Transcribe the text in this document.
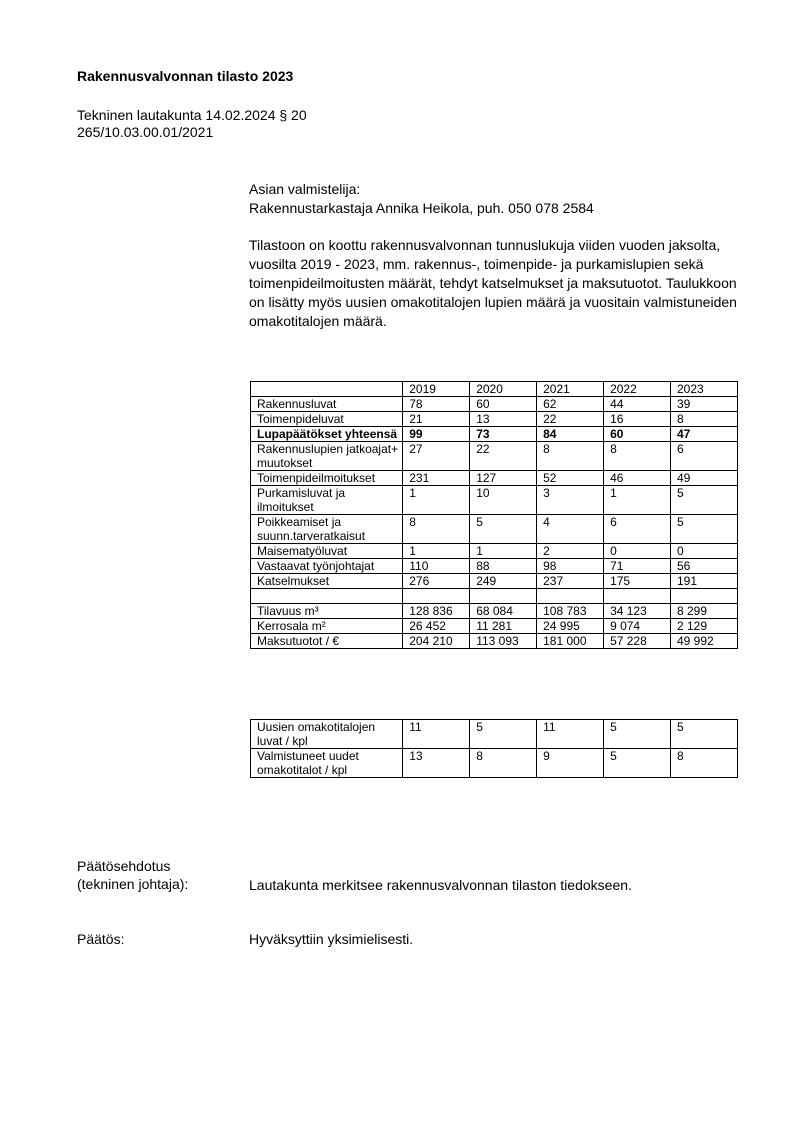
Rakennusvalvonnan tilasto 2023
Tekninen lautakunta 14.02.2024 § 20
265/10.03.00.01/2021
Asian valmistelija:
Rakennustarkastaja Annika Heikola, puh. 050 078 2584
Tilastoon on koottu rakennusvalvonnan tunnuslukuja viiden vuoden jaksolta, vuosilta 2019 - 2023, mm. rakennus-, toimenpide- ja purkamislupien sekä toimenpideilmoitusten määrät, tehdyt katselmukset ja maksutuotot. Taulukkoon on lisätty myös uusien omakotitalojen lupien määrä ja vuositain valmistuneiden omakotitalojen määrä.
	2019	2020	2021	2022	2023
Rakennusluvat	78	60	62	44	39
Toimenpideluvat	21	13	22	16	8
Lupapäätökset yhteensä	99	73	84	60	47
Rakennuslupien jatkoajat+ muutokset	27	22	8	8	6
Toimenpideilmoitukset	231	127	52	46	49
Purkamisluvat ja ilmoitukset	1	10	3	1	5
Poikkeamiset ja suunn.tarveratkaisut	8	5	4	6	5
Maisematyöluvat	1	1	2	0	0
Vastaavat työnjohtajat	110	88	98	71	56
Katselmukset	276	249	237	175	191

Tilavuus m³	128 836	68 084	108 783	34 123	8 299
Kerrosala m²	26 452	11 281	24 995	9 074	2 129
Maksutuotot / €	204 210	113 093	181 000	57 228	49 992
Uusien omakotitalojen luvat / kpl	11	5	11	5	5
Valmistuneet uudet omakotitalot / kpl	13	8	9	5	8
Päätösehdotus
(tekninen johtaja):	Lautakunta merkitsee rakennusvalvonnan tilaston tiedokseen.
Päätös:	Hyväksyttiin yksimielisesti.
